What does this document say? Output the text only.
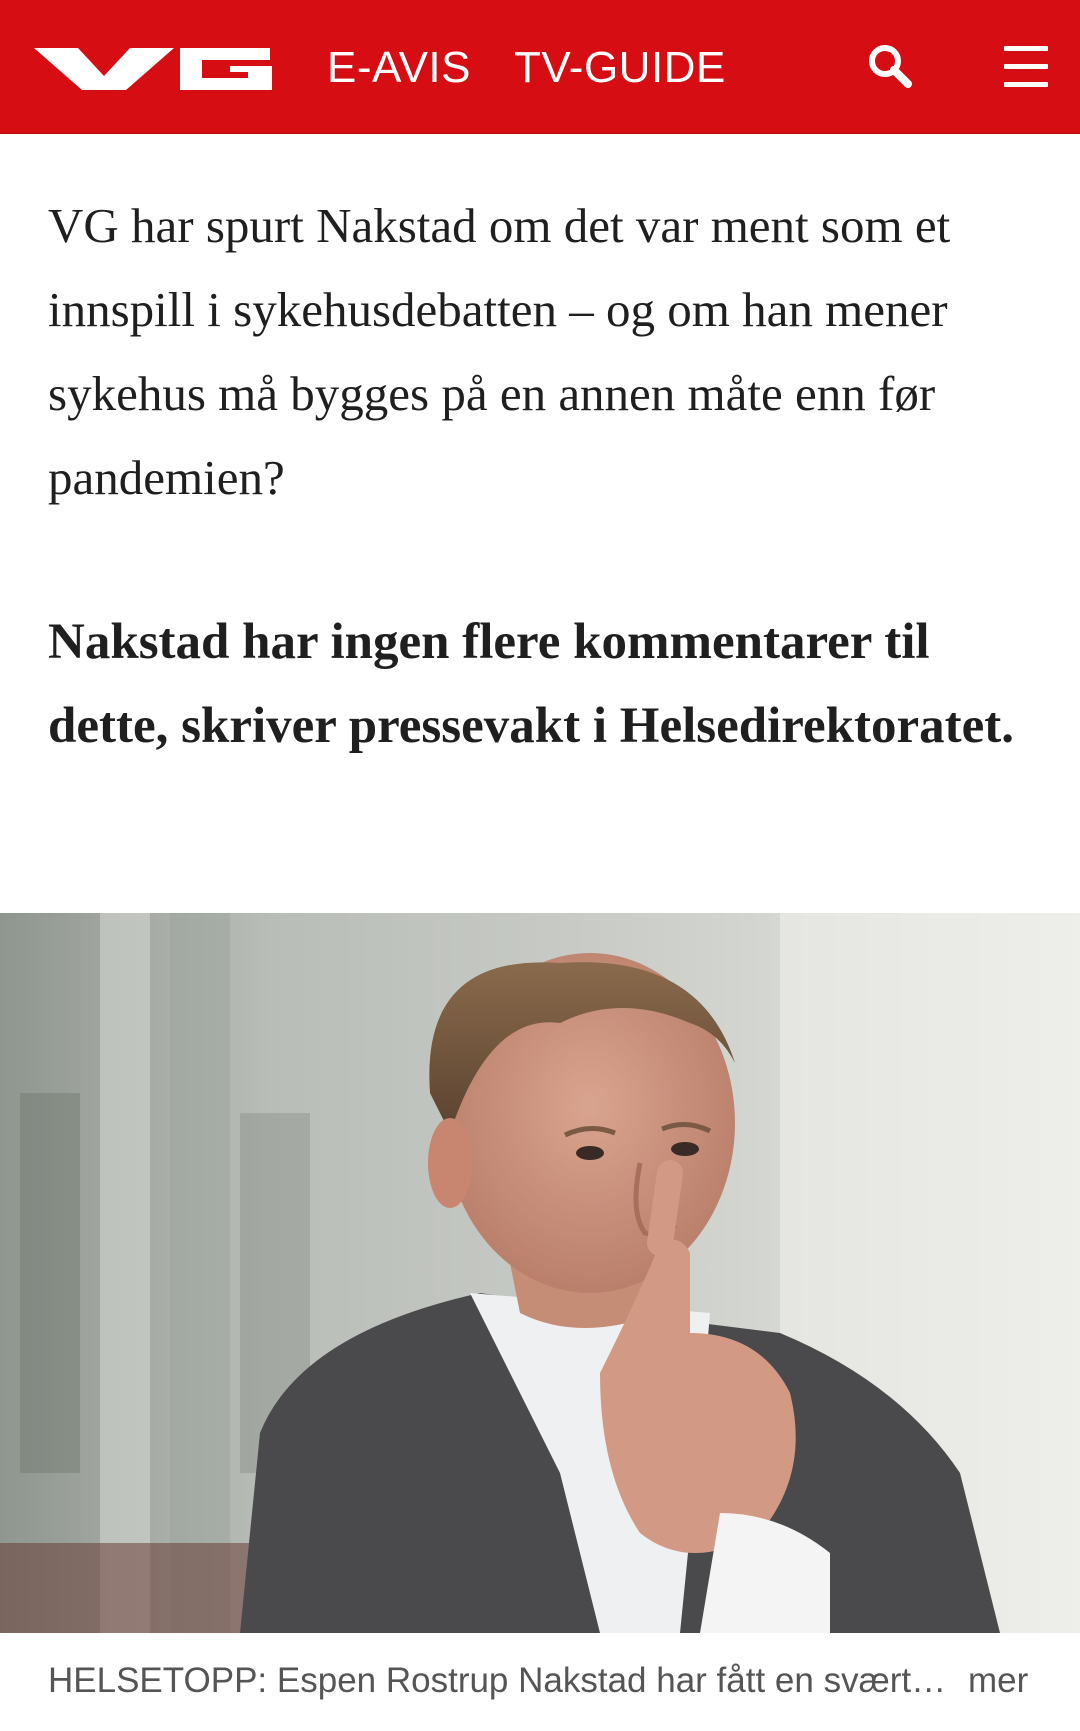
E-AVIS TV-GUIDE

VG har spurt Nakstad om det var ment som et innspill i sykehusdebatten – og om han mener sykehus må bygges på en annen måte enn før pandemien?

Nakstad har ingen flere kommentarer til dette, skriver pressevakt i Helsedirektoratet.

HELSETOPP: Espen Rostrup Nakstad har fått en svært… mer
